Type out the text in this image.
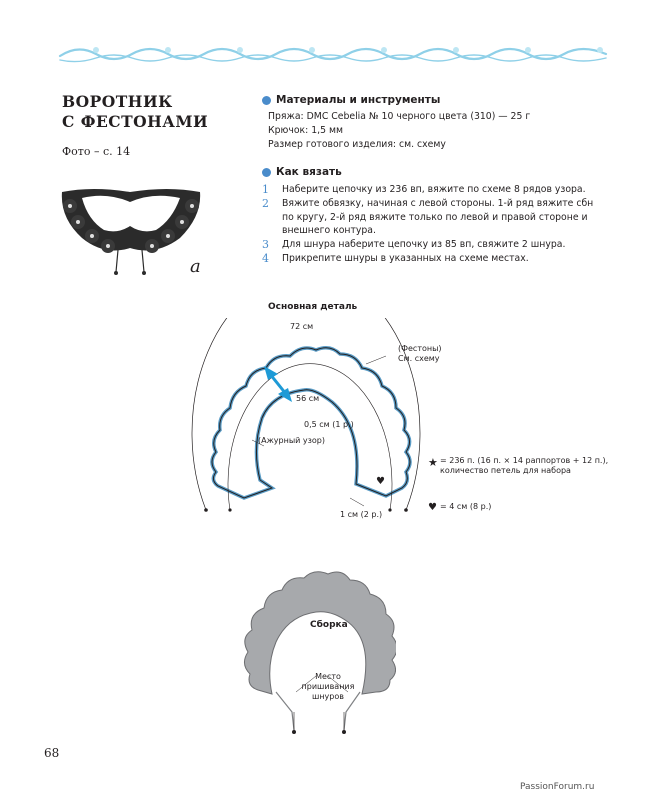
ВОРОТНИК
С ФЕСТОНАМИ
Фото – с. 14
a
Материалы и инструменты
Пряжа: DMC Cebelia № 10 черного цвета (310) — 25 г
Крючок: 1,5 мм
Размер готового изделия: см. схему
Как вязать
1	Наберите цепочку из 236 вп, вяжите по схеме 8 рядов узора.
2	Вяжите обвязку, начиная с левой стороны. 1-й ряд вяжите сбн по кругу, 2-й ряд вяжите только по левой и правой стороне и внешнего контура.
3	Для шнура наберите цепочку из 85 вп, свяжите 2 шнура.
4	Прикрепите шнуры в указанных на схеме местах.
Основная деталь
♥
72 см
(Фестоны)
См. схему
56 см
0,5 см (1 р.)
(Ажурный узор)
1 см (2 р.)
★ = 236 п. (16 п. × 14 раппортов + 12 п.),
количество петель для набора
♥ = 4 см (8 р.)
Сборка
Место
пришивания
шнуров
68
PassionForum.ru
